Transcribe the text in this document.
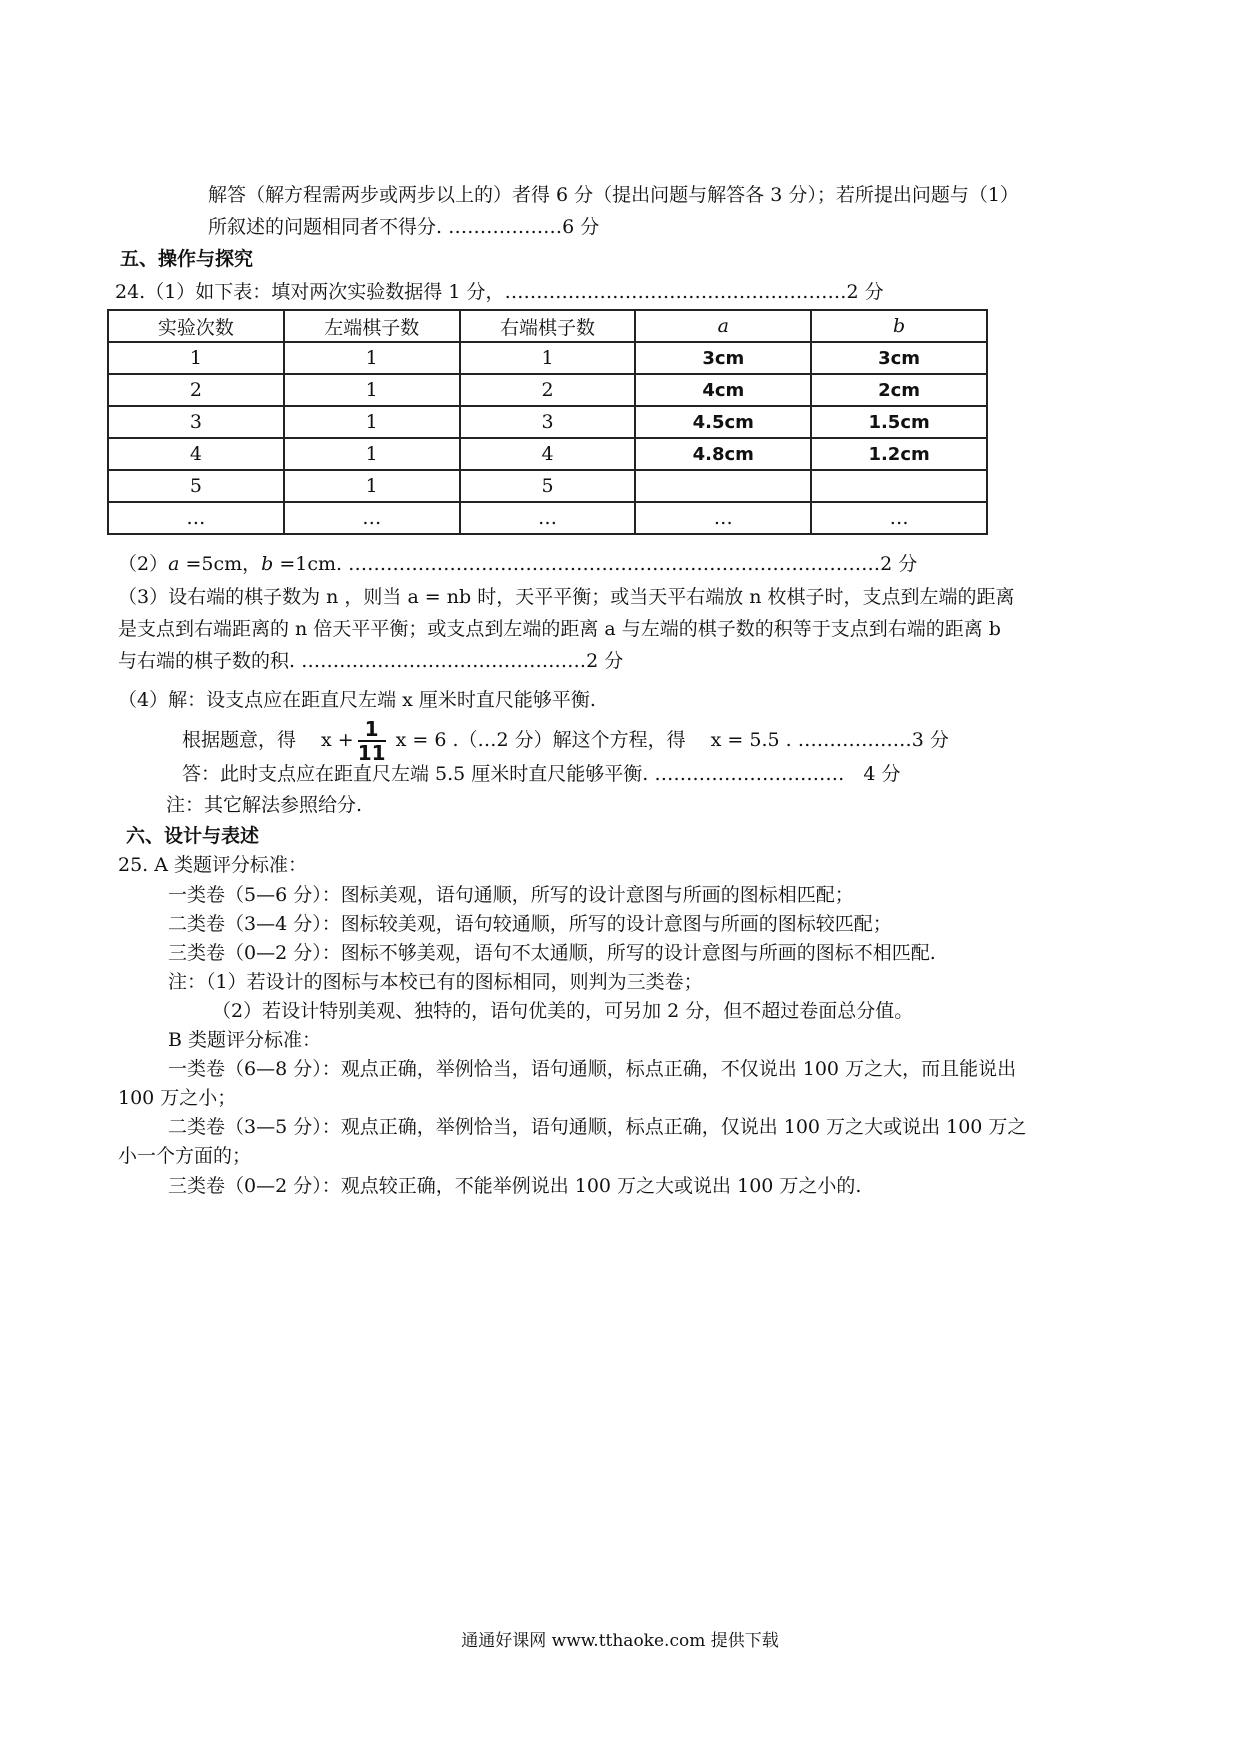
解答（解方程需两步或两步以上的）者得 6 分（提出问题与解答各 3 分）；若所提出问题与（1）
所叙述的问题相同者不得分. ………………6 分
五、操作与探究
24.（1）如下表：填对两次实验数据得 1 分，………………………………………………2 分
实验次数	左端棋子数	右端棋子数	a	b
1	1	1	3cm	3cm
2	1	2	4cm	2cm
3	1	3	4.5cm	1.5cm
4	1	4	4.8cm	1.2cm
5	1	5		
…	…	…	…	…
（2）a =5cm，b =1cm. …………………………………………………………………………2 分
（3）设右端的棋子数为 n ，则当 a = nb 时，天平平衡；或当天平右端放 n 枚棋子时，支点到左端的距离
是支点到右端距离的 n 倍天平平衡；或支点到左端的距离 a 与左端的棋子数的积等于支点到右端的距离 b
与右端的棋子数的积. ………………………………………2 分
（4）解：设支点应在距直尺左端 x 厘米时直尺能够平衡.
根据题意，得　 $x + \frac{1}{11}$ x = 6 .（…2 分）解这个方程，得　 x = 5.5 . ………………3 分
答：此时支点应在距直尺左端 5.5 厘米时直尺能够平衡. …………………………　4 分
注：其它解法参照给分.
六、设计与表述
25. A 类题评分标准：
一类卷（5—6 分）：图标美观，语句通顺，所写的设计意图与所画的图标相匹配；
二类卷（3—4 分）：图标较美观，语句较通顺，所写的设计意图与所画的图标较匹配；
三类卷（0—2 分）：图标不够美观，语句不太通顺，所写的设计意图与所画的图标不相匹配.
注：（1）若设计的图标与本校已有的图标相同，则判为三类卷；
（2）若设计特别美观、独特的，语句优美的，可另加 2 分，但不超过卷面总分值。
B 类题评分标准：
一类卷（6—8 分）：观点正确，举例恰当，语句通顺，标点正确，不仅说出 100 万之大，而且能说出
100 万之小；
二类卷（3—5 分）：观点正确，举例恰当，语句通顺，标点正确，仅说出 100 万之大或说出 100 万之
小一个方面的；
三类卷（0—2 分）：观点较正确，不能举例说出 100 万之大或说出 100 万之小的.
通通好课网 www.tthaoke.com 提供下载
